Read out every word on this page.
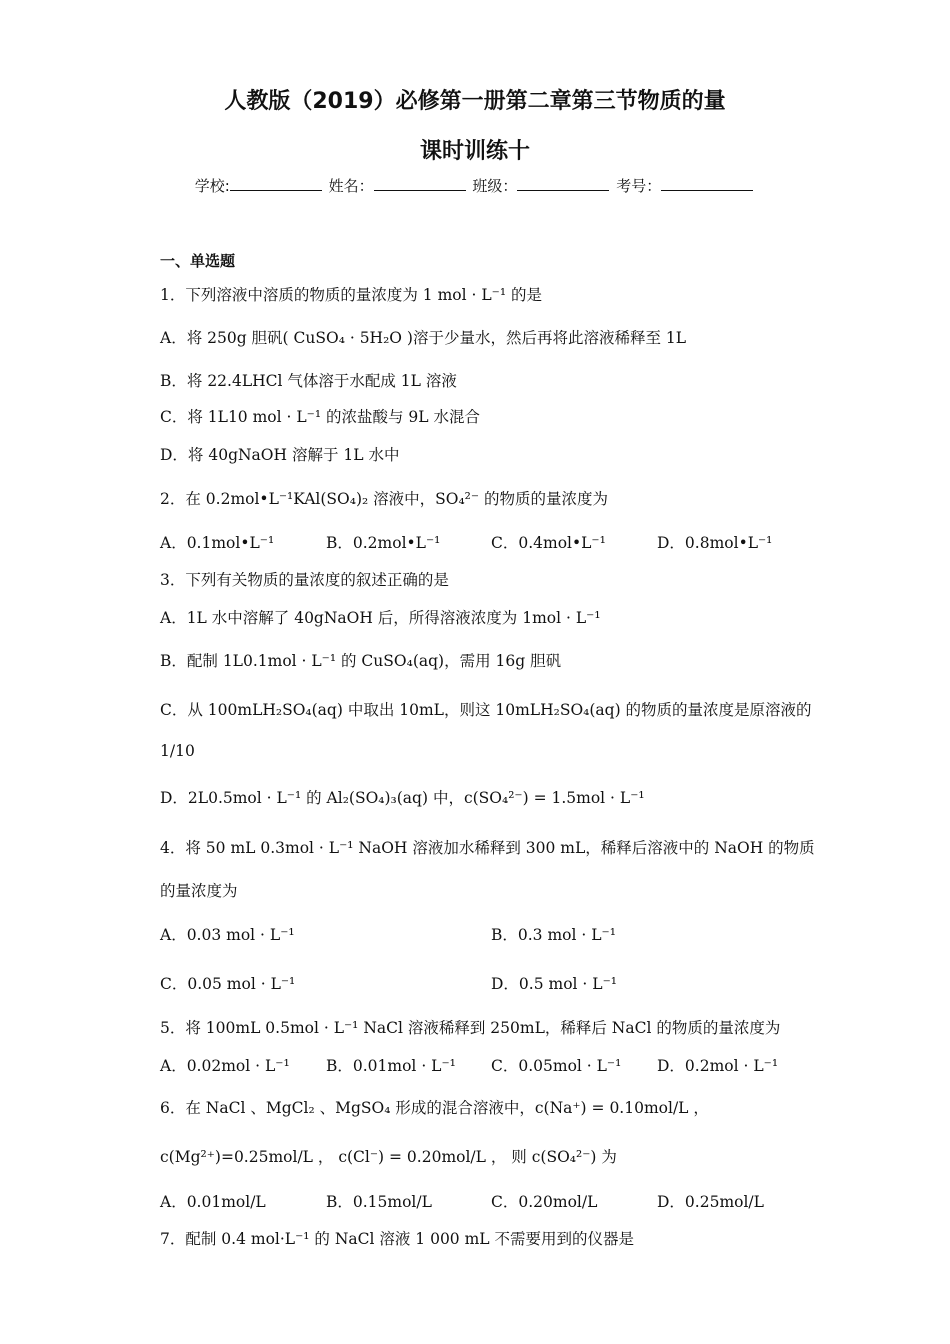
人教版（2019）必修第一册第二章第三节物质的量
课时训练十
学校:	姓名：	班级：	考号：
一、单选题
1．下列溶液中溶质的物质的量浓度为 1 mol · L⁻¹ 的是
A．将 250g 胆矾( CuSO₄ · 5H₂O )溶于少量水，然后再将此溶液稀释至 1L
B．将 22.4LHCl 气体溶于水配成 1L 溶液
C．将 1L10 mol · L⁻¹ 的浓盐酸与 9L 水混合
D．将 40gNaOH 溶解于 1L 水中
2．在 0.2mol•L⁻¹KAl(SO₄)₂ 溶液中，SO₄²⁻ 的物质的量浓度为
A．0.1mol•L⁻¹	B．0.2mol•L⁻¹	C．0.4mol•L⁻¹	D．0.8mol•L⁻¹
3．下列有关物质的量浓度的叙述正确的是
A．1L 水中溶解了 40gNaOH 后，所得溶液浓度为 1mol · L⁻¹
B．配制 1L0.1mol · L⁻¹ 的 CuSO₄(aq)，需用 16g 胆矾
C．从 100mLH₂SO₄(aq) 中取出 10mL，则这 10mLH₂SO₄(aq) 的物质的量浓度是原溶液的
1/10
D．2L0.5mol · L⁻¹ 的 Al₂(SO₄)₃(aq) 中，c(SO₄²⁻) = 1.5mol · L⁻¹
4．将 50 mL 0.3mol · L⁻¹ NaOH 溶液加水稀释到 300 mL，稀释后溶液中的 NaOH 的物质
的量浓度为
A．0.03 mol · L⁻¹	B．0.3 mol · L⁻¹
C．0.05 mol · L⁻¹	D．0.5 mol · L⁻¹
5．将 100mL 0.5mol · L⁻¹ NaCl 溶液稀释到 250mL，稀释后 NaCl 的物质的量浓度为
A．0.02mol · L⁻¹ B．0.01mol · L⁻¹ C．0.05mol · L⁻¹ D．0.2mol · L⁻¹
6．在 NaCl 、MgCl₂ 、MgSO₄ 形成的混合溶液中，c(Na⁺) = 0.10mol/L ，
c(Mg²⁺)=0.25mol/L ， c(Cl⁻) = 0.20mol/L ， 则 c(SO₄²⁻) 为
A．0.01mol/L	B．0.15mol/L	C．0.20mol/L	D．0.25mol/L
7．配制 0.4 mol·L⁻¹ 的 NaCl 溶液 1 000 mL 不需要用到的仪器是
